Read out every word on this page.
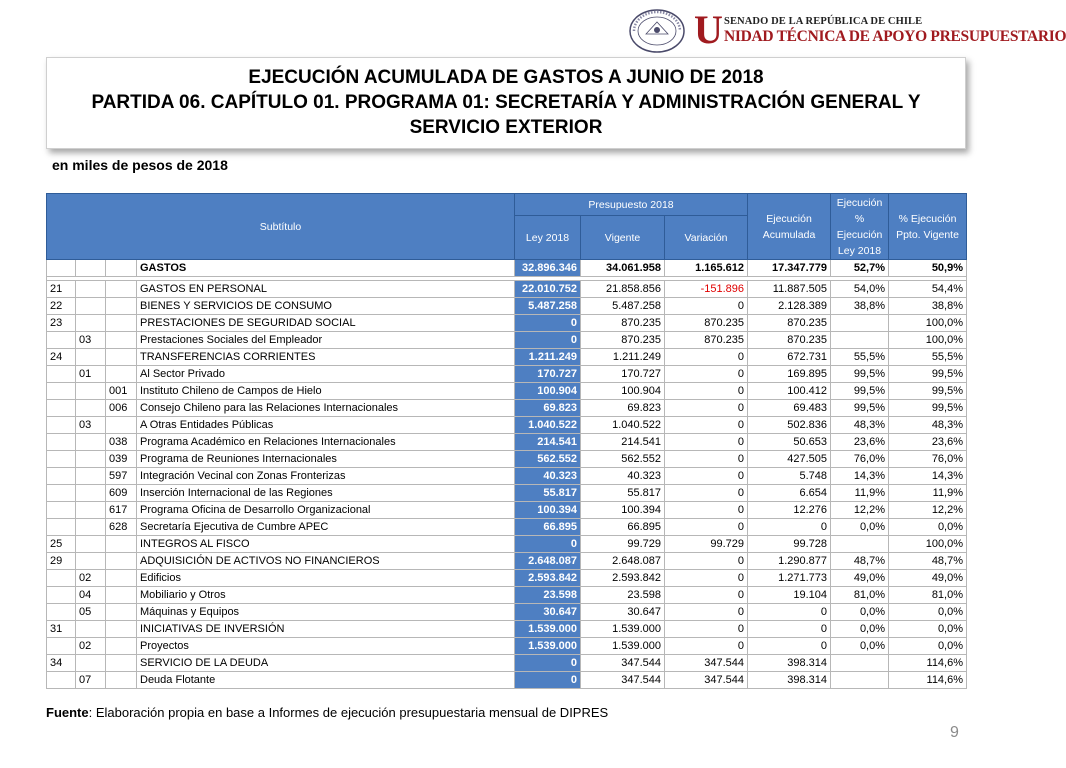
U SENADO DE LA REPÚBLICA DE CHILE
NIDAD TÉCNICA DE APOYO PRESUPUESTARIO
EJECUCIÓN ACUMULADA DE GASTOS A JUNIO DE 2018
PARTIDA 06. CAPÍTULO 01. PROGRAMA 01: SECRETARÍA Y ADMINISTRACIÓN GENERAL Y
SERVICIO EXTERIOR
en miles de pesos de 2018
Subtítulo				Presupuesto 2018			Ejecución Acumulada	Ejecución % Ejecución Ley 2018	% Ejecución Ppto. Vigente
				Ley 2018	Vigente	Variación			

			GASTOS	32.896.346	34.061.958	1.165.612	17.347.779	52,7%	50,9%

21			GASTOS EN PERSONAL	22.010.752	21.858.856	-151.896	11.887.505	54,0%	54,4%
22			BIENES Y SERVICIOS DE CONSUMO	5.487.258	5.487.258	0	2.128.389	38,8%	38,8%
23			PRESTACIONES DE SEGURIDAD SOCIAL	0	870.235	870.235	870.235		100,0%
	03		Prestaciones Sociales del Empleador	0	870.235	870.235	870.235		100,0%
24			TRANSFERENCIAS CORRIENTES	1.211.249	1.211.249	0	672.731	55,5%	55,5%
	01		Al Sector Privado	170.727	170.727	0	169.895	99,5%	99,5%
		001	Instituto Chileno de Campos de Hielo	100.904	100.904	0	100.412	99,5%	99,5%
		006	Consejo Chileno para las Relaciones Internacionales	69.823	69.823	0	69.483	99,5%	99,5%
	03		A Otras Entidades Públicas	1.040.522	1.040.522	0	502.836	48,3%	48,3%
		038	Programa Académico en Relaciones Internacionales	214.541	214.541	0	50.653	23,6%	23,6%
		039	Programa de Reuniones Internacionales	562.552	562.552	0	427.505	76,0%	76,0%
		597	Integración Vecinal con Zonas Fronterizas	40.323	40.323	0	5.748	14,3%	14,3%
		609	Inserción Internacional de las Regiones	55.817	55.817	0	6.654	11,9%	11,9%
		617	Programa Oficina de Desarrollo Organizacional	100.394	100.394	0	12.276	12,2%	12,2%
		628	Secretaría Ejecutiva de Cumbre APEC	66.895	66.895	0	0	0,0%	0,0%
25			INTEGROS AL FISCO	0	99.729	99.729	99.728		100,0%
29			ADQUISICIÓN DE ACTIVOS NO FINANCIEROS	2.648.087	2.648.087	0	1.290.877	48,7%	48,7%
	02		Edificios	2.593.842	2.593.842	0	1.271.773	49,0%	49,0%
	04		Mobiliario y Otros	23.598	23.598	0	19.104	81,0%	81,0%
	05		Máquinas y Equipos	30.647	30.647	0	0	0,0%	0,0%
31			INICIATIVAS DE INVERSIÓN	1.539.000	1.539.000	0	0	0,0%	0,0%
	02		Proyectos	1.539.000	1.539.000	0	0	0,0%	0,0%
34			SERVICIO DE LA DEUDA	0	347.544	347.544	398.314		114,6%
	07		Deuda Flotante	0	347.544	347.544	398.314		114,6%
Fuente: Elaboración propia en base a Informes de ejecución presupuestaria mensual de DIPRES
9
